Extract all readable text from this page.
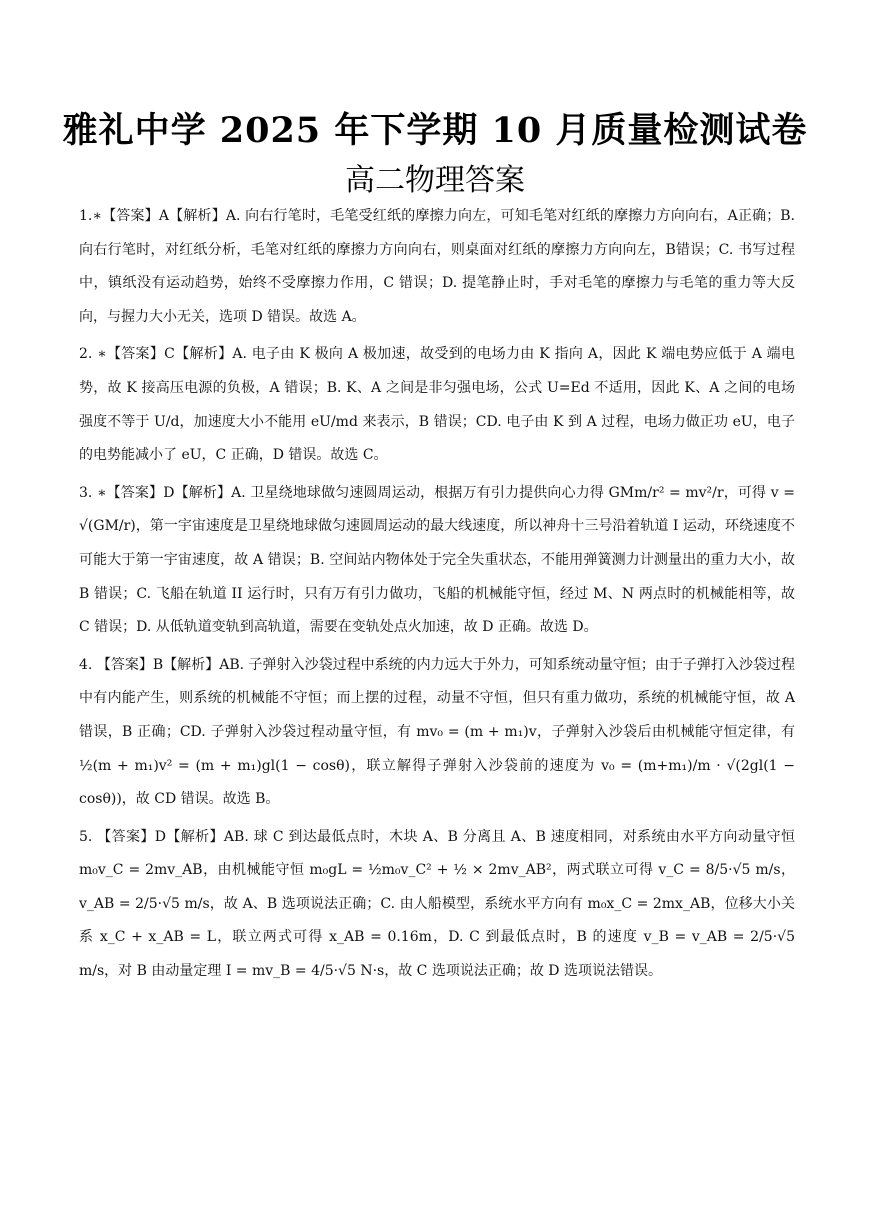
雅礼中学 2025 年下学期 10 月质量检测试卷
高二物理答案

1.∗【答案】A【解析】A. 向右行笔时，毛笔受红纸的摩擦力向左，可知毛笔对红纸的摩擦力方向向右，A正确；B. 向右行笔时，对红纸分析，毛笔对红纸的摩擦力方向向右，则桌面对红纸的摩擦力方向向左，B错误；C. 书写过程中，镇纸没有运动趋势，始终不受摩擦力作用，C 错误；D. 提笔静止时，手对毛笔的摩擦力与毛笔的重力等大反向，与握力大小无关，选项 D 错误。故选 A。

2. ∗【答案】C【解析】A. 电子由 K 极向 A 极加速，故受到的电场力由 K 指向 A，因此 K 端电势应低于 A 端电势，故 K 接高压电源的负极，A 错误；B. K、A 之间是非匀强电场，公式 U=Ed 不适用，因此 K、A 之间的电场强度不等于 U/d，加速度大小不能用 eU/md 来表示，B 错误；CD. 电子由 K 到 A 过程，电场力做正功 eU，电子的电势能减小了 eU，C 正确，D 错误。故选 C。

3. ∗【答案】D【解析】A. 卫星绕地球做匀速圆周运动，根据万有引力提供向心力得 GMm/r² = mv²/r，可得 v = √(GM/r)，第一宇宙速度是卫星绕地球做匀速圆周运动的最大线速度，所以神舟十三号沿着轨道 I 运动，环绕速度不可能大于第一宇宙速度，故 A 错误；B. 空间站内物体处于完全失重状态，不能用弹簧测力计测量出的重力大小，故 B 错误；C. 飞船在轨道 II 运行时，只有万有引力做功，飞船的机械能守恒，经过 M、N 两点时的机械能相等，故 C 错误；D. 从低轨道变轨到高轨道，需要在变轨处点火加速，故 D 正确。故选 D。

4. 【答案】B【解析】AB. 子弹射入沙袋过程中系统的内力远大于外力，可知系统动量守恒；由于子弹打入沙袋过程中有内能产生，则系统的机械能不守恒；而上摆的过程，动量不守恒，但只有重力做功，系统的机械能守恒，故 A 错误，B 正确；CD. 子弹射入沙袋过程动量守恒，有 mv₀ = (m + m₁)v，子弹射入沙袋后由机械能守恒定律，有 ½(m + m₁)v² = (m + m₁)gl(1 − cosθ)，联立解得子弹射入沙袋前的速度为 v₀ = (m+m₁)/m · √(2gl(1 − cosθ))，故 CD 错误。故选 B。

5. 【答案】D【解析】AB. 球 C 到达最低点时，木块 A、B 分离且 A、B 速度相同，对系统由水平方向动量守恒 m₀v_C = 2mv_AB，由机械能守恒 m₀gL = ½m₀v_C² + ½ × 2mv_AB²，两式联立可得 v_C = 8/5·√5 m/s，v_AB = 2/5·√5 m/s，故 A、B 选项说法正确；C. 由人船模型，系统水平方向有 m₀x_C = 2mx_AB，位移大小关系 x_C + x_AB = L，联立两式可得 x_AB = 0.16m，D. C 到最低点时，B 的速度 v_B = v_AB = 2/5·√5 m/s，对 B 由动量定理 I = mv_B = 4/5·√5 N·s，故 C 选项说法正确；故 D 选项说法错误。
